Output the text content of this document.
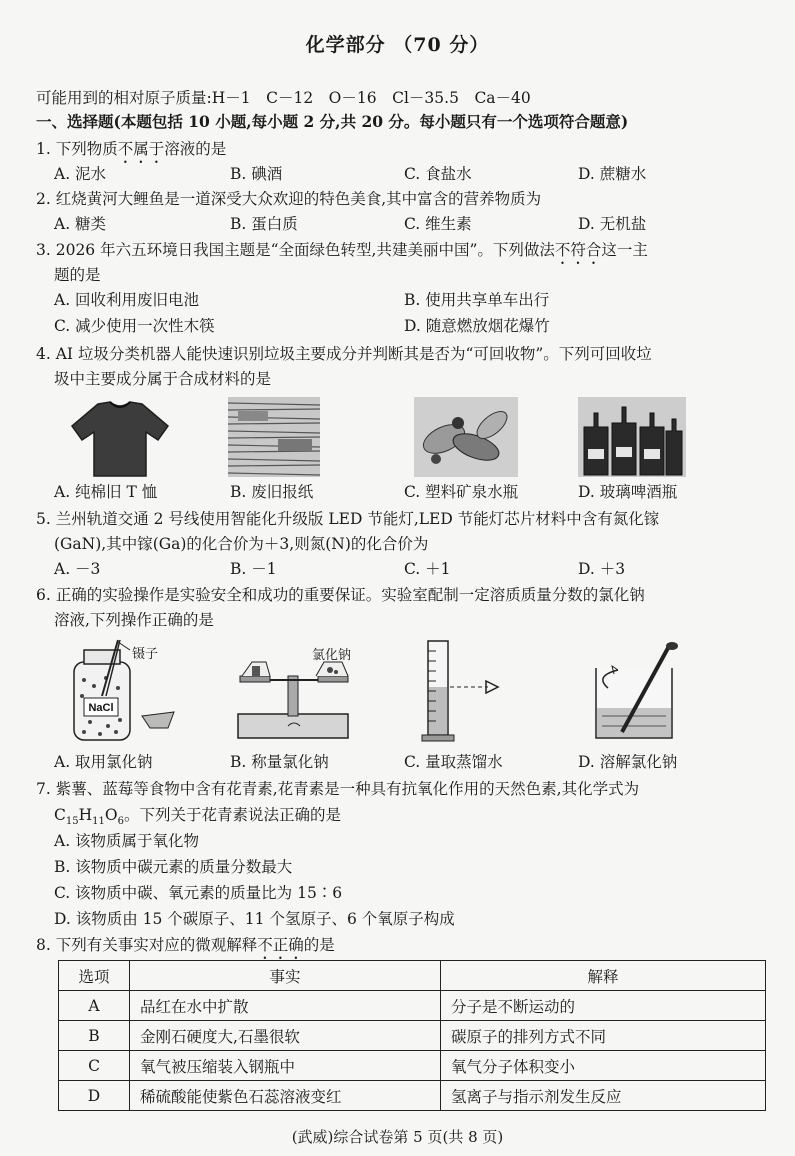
化学部分 （70 分）
可能用到的相对原子质量:H－1　C－12　O－16　Cl－35.5　Ca－40
一、选择题(本题包括 10 小题,每小题 2 分,共 20 分。每小题只有一个选项符合题意)
1. 下列物质不属于溶液的是
A. 泥水	B. 碘酒	C. 食盐水	D. 蔗糖水
2. 红烧黄河大鲤鱼是一道深受大众欢迎的特色美食,其中富含的营养物质为
A. 糖类	B. 蛋白质	C. 维生素	D. 无机盐
3. 2026 年六五环境日我国主题是“全面绿色转型,共建美丽中国”。下列做法不符合这一主
题的是
A. 回收利用废旧电池	B. 使用共享单车出行
C. 减少使用一次性木筷	D. 随意燃放烟花爆竹
4. AI 垃圾分类机器人能快速识别垃圾主要成分并判断其是否为“可回收物”。下列可回收垃
圾中主要成分属于合成材料的是
A. 纯棉旧 T 恤	B. 废旧报纸	C. 塑料矿泉水瓶	D. 玻璃啤酒瓶
5. 兰州轨道交通 2 号线使用智能化升级版 LED 节能灯,LED 节能灯芯片材料中含有氮化镓
(GaN),其中镓(Ga)的化合价为＋3,则氮(N)的化合价为
A. －3	B. －1	C. ＋1	D. ＋3
6. 正确的实验操作是实验安全和成功的重要保证。实验室配制一定溶质质量分数的氯化钠
溶液,下列操作正确的是
NaCl
镊子	氯化钠
A. 取用氯化钠	B. 称量氯化钠	C. 量取蒸馏水	D. 溶解氯化钠
7. 紫薯、蓝莓等食物中含有花青素,花青素是一种具有抗氧化作用的天然色素,其化学式为
$C_{15}H_{11}O_6$。下列关于花青素说法正确的是
A. 该物质属于氧化物
B. 该物质中碳元素的质量分数最大
C. 该物质中碳、氧元素的质量比为 15∶6
D. 该物质由 15 个碳原子、11 个氢原子、6 个氧原子构成
8. 下列有关事实对应的微观解释不正确的是
选项	事实	解释
A	品红在水中扩散	分子是不断运动的
B	金刚石硬度大,石墨很软	碳原子的排列方式不同
C	氧气被压缩装入钢瓶中	氧气分子体积变小
D	稀硫酸能使紫色石蕊溶液变红	氢离子与指示剂发生反应
(武威)综合试卷第 5 页(共 8 页)
